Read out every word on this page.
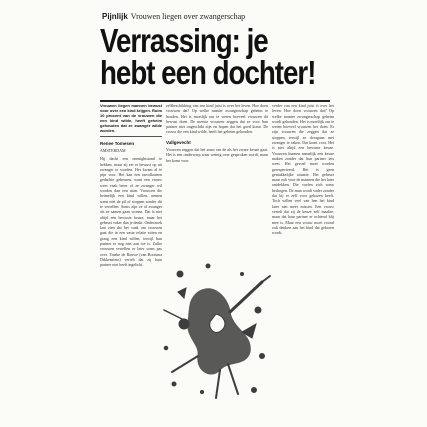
Pijnlijk Vrouwen liegen over zwangerschap
Verrassing: je
hebt een dochter!
Vrouwen liegen mannen bewust voor over een kind krijgen. Ruim 10 procent van de vrouwen die een kind wilde, heeft geheim gehouden dat ze zwanger wilde worden.
Renee Tomesen

AMSTERDAM

Hij dacht een onenightstand te hebben, maar zij zei er bewust op uit zwanger te worden. Het kwam al te pijn voor. Het kan een onvolkomen gedachte gebeuren, want een vrouw weet vaak beter of ze zwanger wil worden dan een man. Vrouwen die heimelijk een kind willen, nemen soms niet de pil of stoppen zonder dit te vertellen. Soms zijn ze al zwanger als ze samen gaan wonen. Dat is niet altijd een bewuste keuze, maar het gebeurt vaker dan je denkt. Onderzoek laat zien dat het vaak om vrouwen gaat die in een vaste relatie zitten en graag een kind willen, terwijl hun partner er nog niet aan toe is. Zulke vrouwen vertellen er later soms pas over. Tineke de Rouwe (van Bootsma Dikkenstein) vertelt dat zij haar partner niet heeft ingelicht.

zelfbeschikking van een kind juist is over het leven. Hoe doen vrouwen dat? Op welke manier zwangerschap geheim te houden. Het is moeilijk om te weten hoeveel vrouwen dit bewust doen. De meeste vrouwen zeggen dat ze voor hun partner niet ongeschikt zijn en hopen dat het goed komt. De vrouw die een kind wilde, heeft het geheim gehouden.

Vallgevecht

Vrouwen zeggen dat het soms om de als het zware keuze gaat. Het is een onderwerp waar weinig over gesproken wordt, maar het komt voor.

verder van een kind juist is over het leven. Hoe doen vrouwen dat? Op welke manier zwangerschap geheim wordt gehouden. Het is moeilijk om te weten hoeveel vrouwen het doen. Er zijn vrouwen die zeggen dat ze stoppen, terwijl ze doorgaan met zwanger te raken. Dat komt voor. Het is niet altijd een bewuste keuze. Vrouwen kunnen namelijk een keuze maken zonder dat hun partner iets weet. Het gevoel moet worden gerespecteerd. Het is geen gemakkelijke situatie. Het gebeurt maar ook voor de mannen die het later ontdekken. Die voelen zich soms bedrogen. De man wordt vader zonder dat hij er zelf voor gekozen heeft. Toch willen veel van hen het kind later niet meer missen. Een vrouw vertelt dat zij de keuze zelf maakte, maar dat haar partner er achteraf blij mee is. Maar een vrouw moet vooral ook denken aan het kind dat geboren wordt.
